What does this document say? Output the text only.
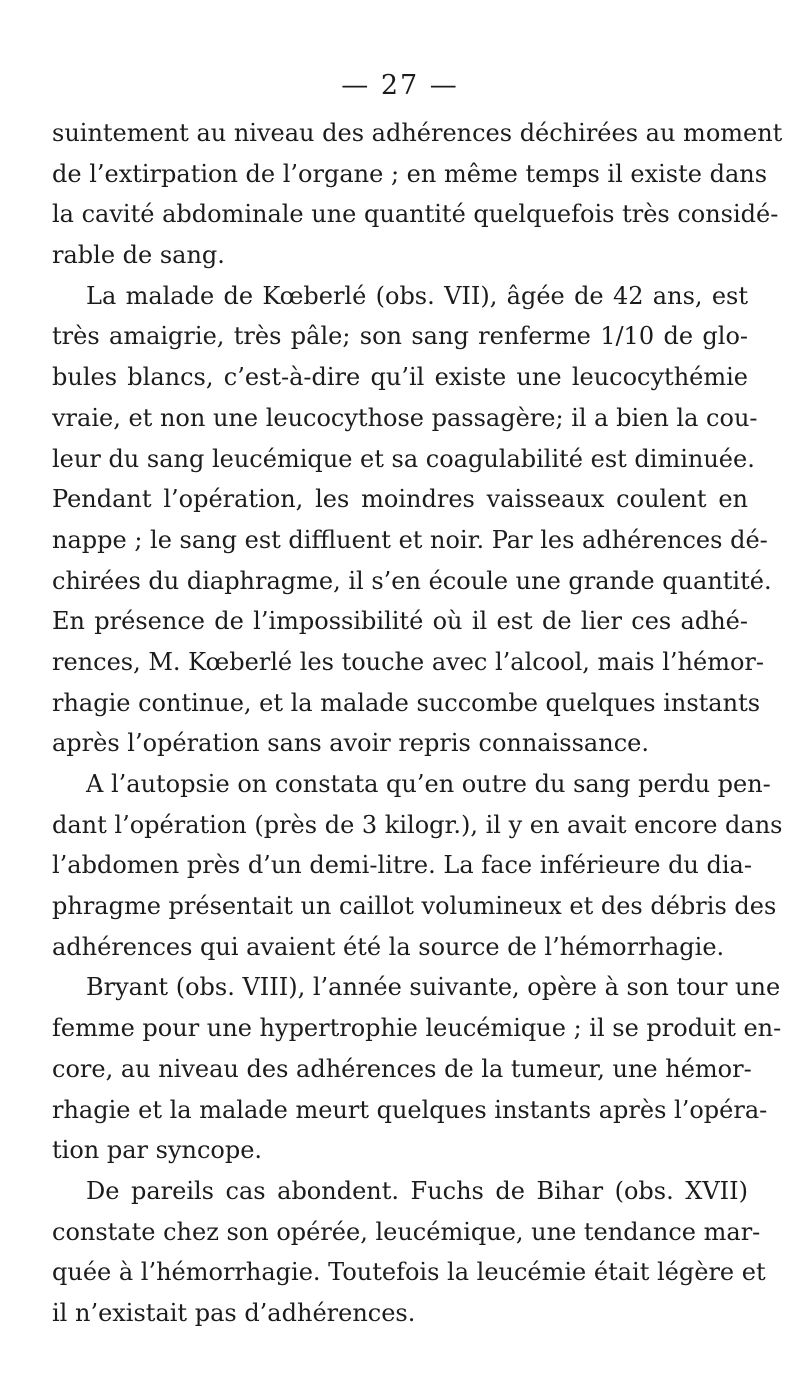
— 27 —
suintement au niveau des adhérences déchirées au moment
de l’extirpation de l’organe ; en même temps il existe dans
la cavité abdominale une quantité quelquefois très considé-
rable de sang.
La malade de Kœberlé (obs. VII), âgée de 42 ans, est
très amaigrie, très pâle; son sang renferme 1/10 de glo-
bules blancs, c’est-à-dire qu’il existe une leucocythémie
vraie, et non une leucocythose passagère; il a bien la cou-
leur du sang leucémique et sa coagulabilité est diminuée.
Pendant l’opération, les moindres vaisseaux coulent en
nappe ; le sang est diffluent et noir. Par les adhérences dé-
chirées du diaphragme, il s’en écoule une grande quantité.
En présence de l’impossibilité où il est de lier ces adhé-
rences, M. Kœberlé les touche avec l’alcool, mais l’hémor-
rhagie continue, et la malade succombe quelques instants
après l’opération sans avoir repris connaissance.
A l’autopsie on constata qu’en outre du sang perdu pen-
dant l’opération (près de 3 kilogr.), il y en avait encore dans
l’abdomen près d’un demi-litre. La face inférieure du dia-
phragme présentait un caillot volumineux et des débris des
adhérences qui avaient été la source de l’hémorrhagie.
Bryant (obs. VIII), l’année suivante, opère à son tour une
femme pour une hypertrophie leucémique ; il se produit en-
core, au niveau des adhérences de la tumeur, une hémor-
rhagie et la malade meurt quelques instants après l’opéra-
tion par syncope.
De pareils cas abondent. Fuchs de Bihar (obs. XVII)
constate chez son opérée, leucémique, une tendance mar-
quée à l’hémorrhagie. Toutefois la leucémie était légère et
il n’existait pas d’adhérences.
